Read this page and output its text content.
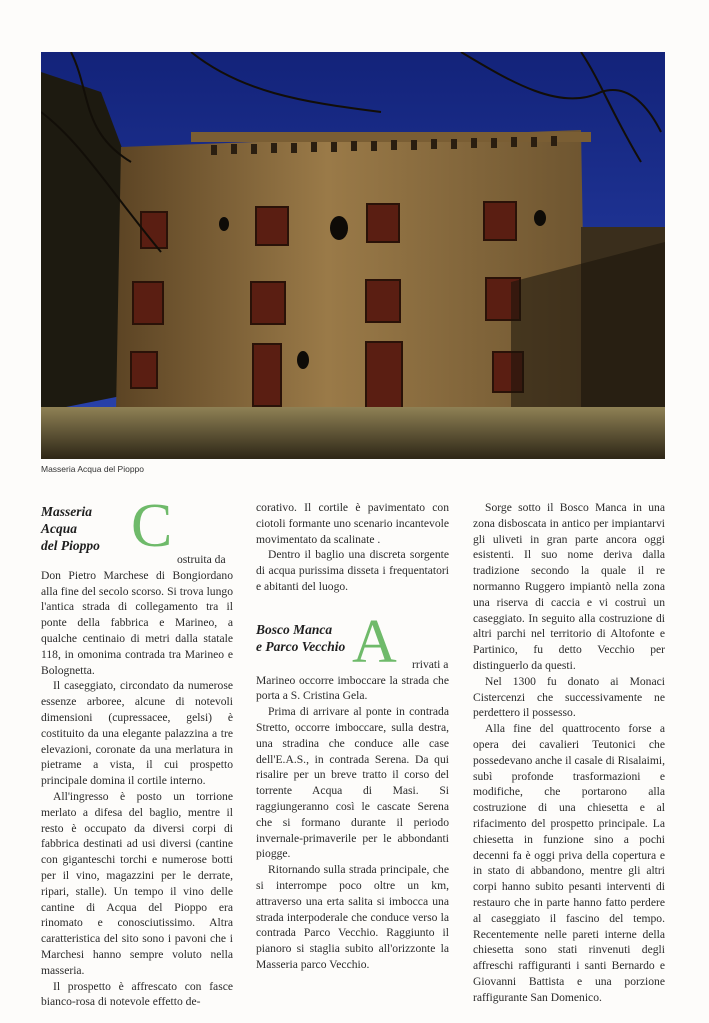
Masseria Acqua del Pioppo
Masseria
Acqua
del Pioppo C ostruita da

Don Pietro Marchese di Bongiordano alla fine del secolo scorso. Si trova lungo l'antica strada di collegamento tra il ponte della fabbrica e Marineo, a qualche centinaio di metri dalla statale 118, in omonima contrada tra Marineo e Bolognetta.

Il caseggiato, circondato da numerose essenze arboree, alcune di notevoli dimensioni (cupressacee, gelsi) è costituito da una elegante palazzina a tre elevazioni, coronate da una merlatura in pietrame a vista, il cui prospetto principale domina il cortile interno.

All'ingresso è posto un torrione merlato a difesa del baglio, mentre il resto è occupato da diversi corpi di fabbrica destinati ad usi diversi (cantine con giganteschi torchi e numerose botti per il vino, magazzini per le derrate, ripari, stalle). Un tempo il vino delle cantine di Acqua del Pioppo era rinomato e conosciutissimo. Altra caratteristica del sito sono i pavoni che i Marchesi hanno sempre voluto nella masseria.

Il prospetto è affrescato con fasce bianco-rosa di notevole effetto de-

corativo. Il cortile è pavimentato con ciotoli formante uno scenario incantevole movimentato da scalinate .

Dentro il baglio una discreta sorgente di acqua purissima disseta i frequentatori e abitanti del luogo.

Bosco Manca
e Parco Vecchio A	rrivati a

Marineo occorre imboccare la strada che porta a S. Cristina Gela.

Prima di arrivare al ponte in contrada Stretto, occorre imboccare, sulla destra, una stradina che conduce alle case dell'E.A.S., in contrada Serena. Da qui risalire per un breve tratto il corso del torrente Acqua di Masi. Si raggiungeranno così le cascate Serena che si formano durante il periodo invernale-primaverile per le abbondanti piogge.

Ritornando sulla strada principale, che si interrompe poco oltre un km, attraverso una erta salita si imbocca una strada interpoderale che conduce verso la contrada Parco Vecchio. Raggiunto il pianoro si staglia subito all'orizzonte la Masseria parco Vecchio.

Sorge sotto il Bosco Manca in una zona disboscata in antico per impiantarvi gli uliveti in gran parte ancora oggi esistenti. Il suo nome deriva dalla tradizione secondo la quale il re normanno Ruggero impiantò nella zona una riserva di caccia e vi costruì un caseggiato. In seguito alla costruzione di altri parchi nel territorio di Altofonte e Partinico, fu detto Vecchio per distinguerlo da questi.

Nel 1300 fu donato ai Monaci Cistercenzi che successivamente ne perdettero il possesso.

Alla fine del quattrocento forse a opera dei cavalieri Teutonici che possedevano anche il casale di Risalaimi, subì profonde trasformazioni e modifiche, che portarono alla costruzione di una chiesetta e al rifacimento del prospetto principale. La chiesetta in funzione sino a pochi decenni fa è oggi priva della copertura e in stato di abbandono, mentre gli altri corpi hanno subito pesanti interventi di restauro che in parte hanno fatto perdere al caseggiato il fascino del tempo. Recentemente nelle pareti interne della chiesetta sono stati rinvenuti degli affreschi raffiguranti i santi Bernardo e Giovanni Battista e una porzione raffigurante San Domenico.
